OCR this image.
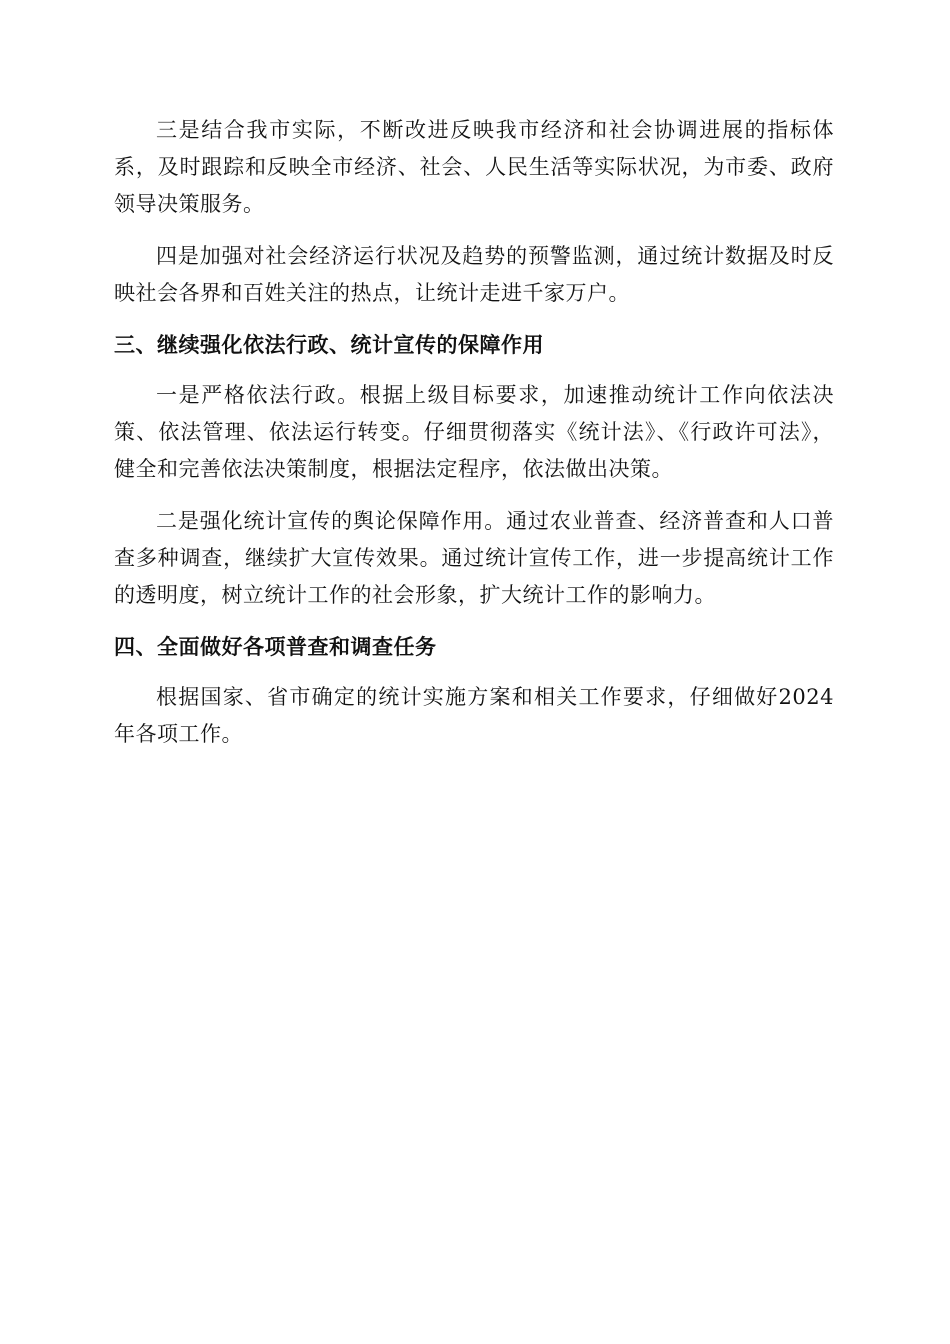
三是结合我市实际，不断改进反映我市经济和社会协调进展的指标体系，及时跟踪和反映全市经济、社会、人民生活等实际状况，为市委、政府领导决策服务。

四是加强对社会经济运行状况及趋势的预警监测，通过统计数据及时反映社会各界和百姓关注的热点，让统计走进千家万户。

三、继续强化依法行政、统计宣传的保障作用

一是严格依法行政。根据上级目标要求，加速推动统计工作向依法决策、依法管理、依法运行转变。仔细贯彻落实《统计法》、《行政许可法》，健全和完善依法决策制度，根据法定程序，依法做出决策。

二是强化统计宣传的舆论保障作用。通过农业普查、经济普查和人口普查多种调查，继续扩大宣传效果。通过统计宣传工作，进一步提高统计工作的透明度，树立统计工作的社会形象，扩大统计工作的影响力。

四、全面做好各项普查和调查任务

根据国家、省市确定的统计实施方案和相关工作要求，仔细做好2024年各项工作。
